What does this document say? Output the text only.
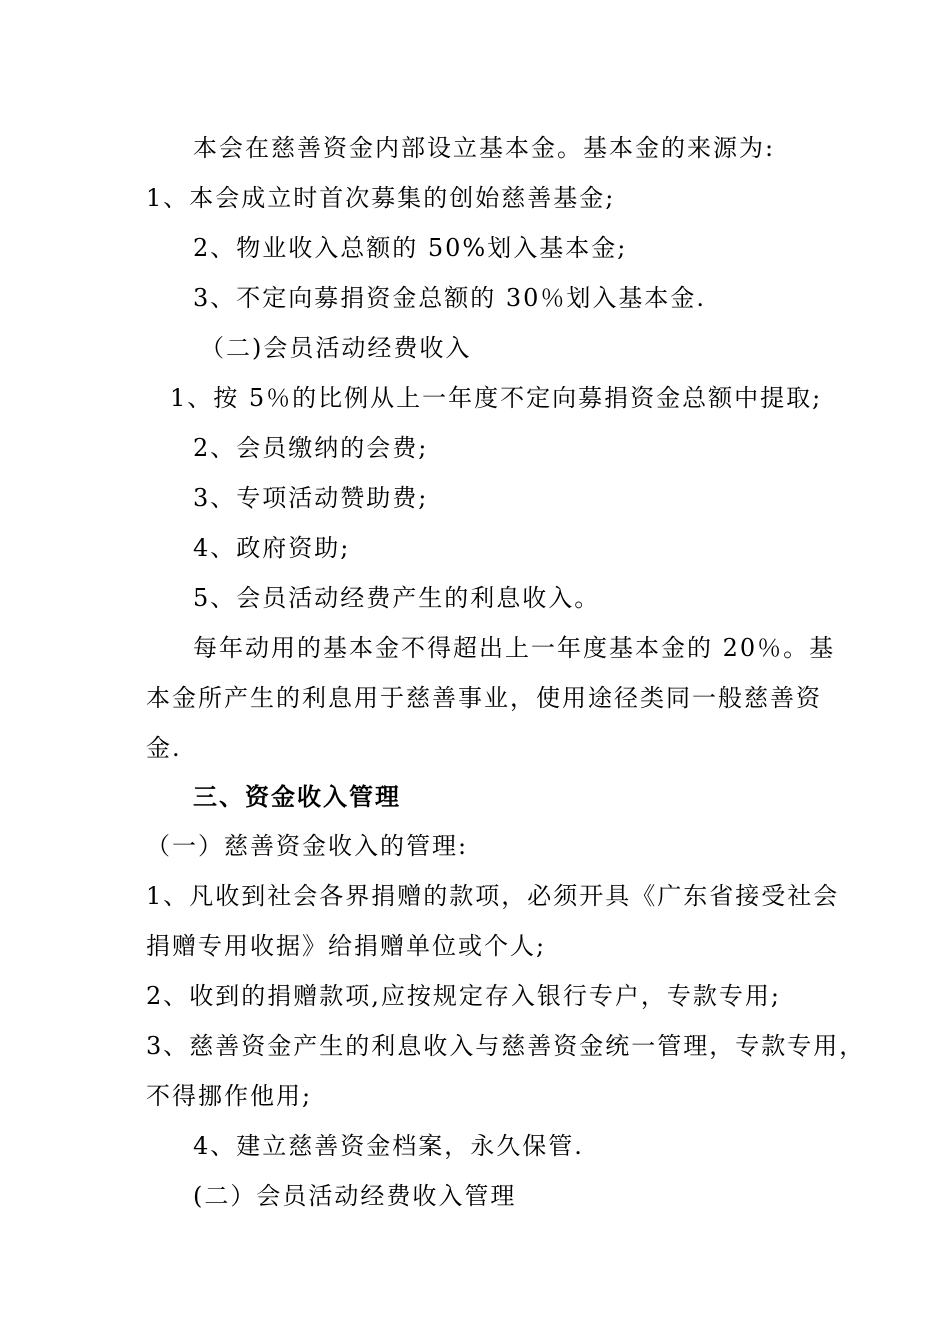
本会在慈善资金内部设立基本金。基本金的来源为:
1、本会成立时首次募集的创始慈善基金;
2、物业收入总额的 50%划入基本金;
3、不定向募捐资金总额的 30％划入基本金.
（二)会员活动经费收入
1、按 5％的比例从上一年度不定向募捐资金总额中提取;
2、会员缴纳的会费;
3、专项活动赞助费;
4、政府资助;
5、会员活动经费产生的利息收入。
每年动用的基本金不得超出上一年度基本金的 20％。基
本金所产生的利息用于慈善事业，使用途径类同一般慈善资
金.
三、资金收入管理
（一）慈善资金收入的管理:
1、凡收到社会各界捐赠的款项，必须开具《广东省接受社会
捐赠专用收据》给捐赠单位或个人;
2、收到的捐赠款项,应按规定存入银行专户，专款专用;
3、慈善资金产生的利息收入与慈善资金统一管理，专款专用，
不得挪作他用;
4、建立慈善资金档案，永久保管.
(二）会员活动经费收入管理
